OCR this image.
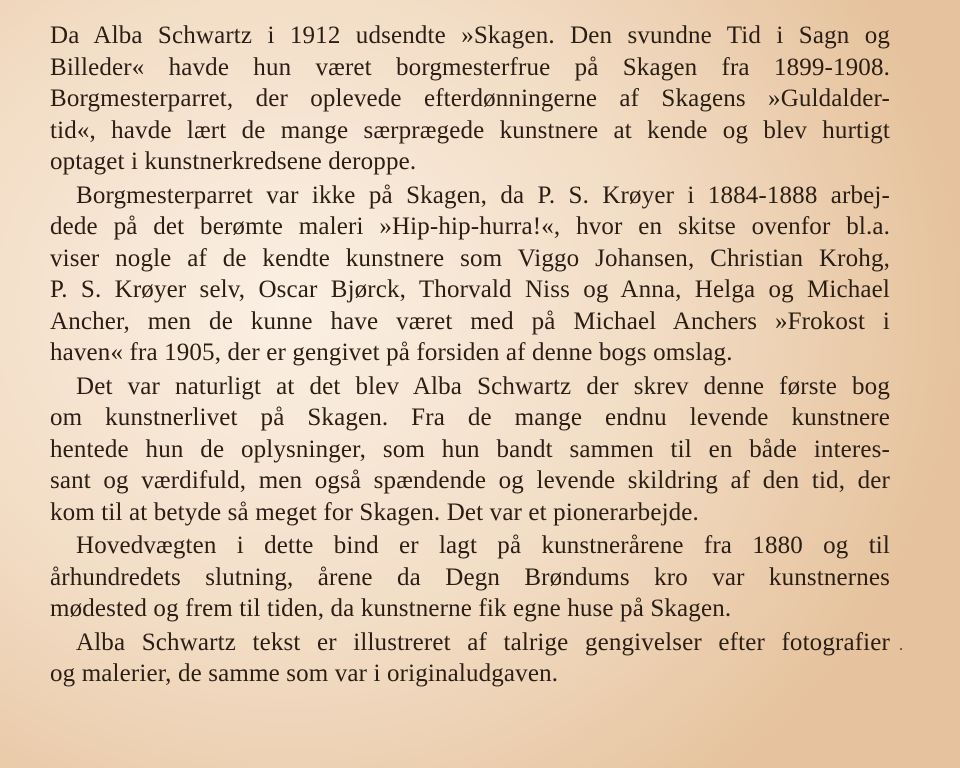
Da Alba Schwartz i 1912 udsendte »Skagen. Den svundne Tid i Sagn og
Billeder« havde hun været borgmesterfrue på Skagen fra 1899-1908.
Borgmesterparret, der oplevede efterdønningerne af Skagens »Guldalder-
tid«, havde lært de mange særprægede kunstnere at kende og blev hurtigt
optaget i kunstnerkredsene deroppe.

Borgmesterparret var ikke på Skagen, da P. S. Krøyer i 1884-1888 arbej-
dede på det berømte maleri »Hip-hip-hurra!«, hvor en skitse ovenfor bl.a.
viser nogle af de kendte kunstnere som Viggo Johansen, Christian Krohg,
P. S. Krøyer selv, Oscar Bjørck, Thorvald Niss og Anna, Helga og Michael
Ancher, men de kunne have været med på Michael Anchers »Frokost i
haven« fra 1905, der er gengivet på forsiden af denne bogs omslag.

Det var naturligt at det blev Alba Schwartz der skrev denne første bog
om kunstnerlivet på Skagen. Fra de mange endnu levende kunstnere
hentede hun de oplysninger, som hun bandt sammen til en både interes-
sant og værdifuld, men også spændende og levende skildring af den tid, der
kom til at betyde så meget for Skagen. Det var et pionerarbejde.

Hovedvægten i dette bind er lagt på kunstnerårene fra 1880 og til
århundredets slutning, årene da Degn Brøndums kro var kunstnernes
mødested og frem til tiden, da kunstnerne fik egne huse på Skagen.

Alba Schwartz tekst er illustreret af talrige gengivelser efter fotografier
og malerier, de samme som var i originaludgaven.
